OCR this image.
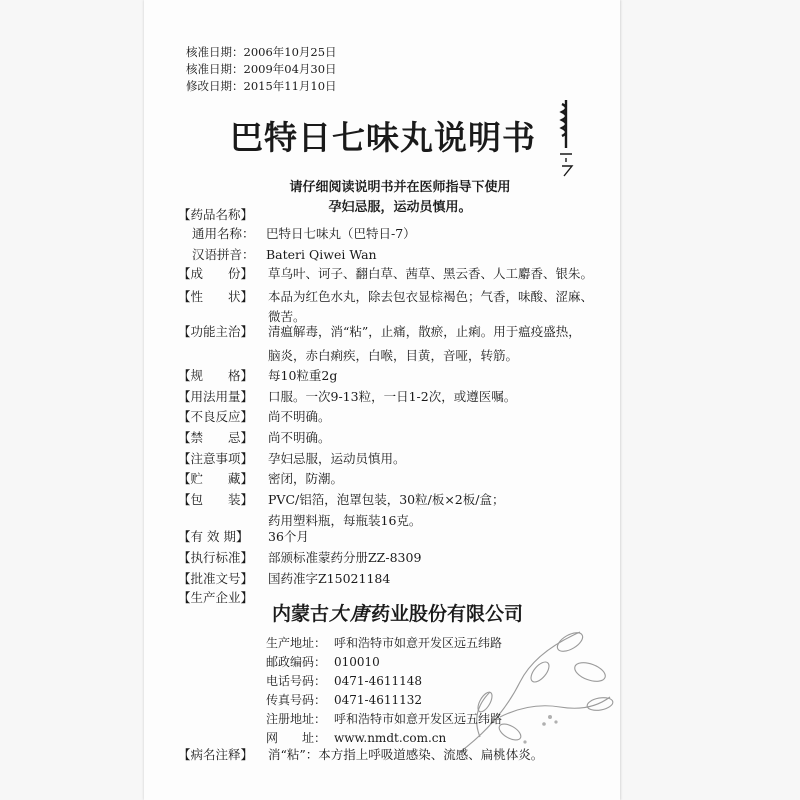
核准日期：2006年10月25日
核准日期：2009年04月30日
修改日期：2015年11月10日
巴特日七味丸说明书
请仔细阅读说明书并在医师指导下使用
孕妇忌服，运动员慎用。
【药品名称】
通用名称： 巴特日七味丸（巴特日-7）
汉语拼音： Bateri Qiwei Wan
【成　　份】 草乌叶、诃子、翻白草、茜草、黑云香、人工麝香、银朱。
【性　　状】 本品为红色水丸，除去包衣显棕褐色；气香，味酸、涩麻、
微苦。
【功能主治】 清瘟解毒，消“粘”，止痛，散瘀，止痢。用于瘟疫盛热，
脑炎，赤白痢疾，白喉，目黄，音哑，转筋。
【规　　格】 每10粒重2g
【用法用量】 口服。一次9-13粒，一日1-2次，或遵医嘱。
【不良反应】 尚不明确。
【禁　　忌】 尚不明确。
【注意事项】 孕妇忌服，运动员慎用。
【贮　　藏】 密闭，防潮。
【包　　装】 PVC/铝箔，泡罩包装，30粒/板×2板/盒；
药用塑料瓶，每瓶装16克。
【有 效 期】 36个月
【执行标准】 部颁标准蒙药分册ZZ-8309
【批准文号】 国药准字Z15021184
【生产企业】
内蒙古大唐药业股份有限公司
生产地址： 呼和浩特市如意开发区远五纬路
邮政编码： 010010
电话号码： 0471-4611148
传真号码： 0471-4611132
注册地址： 呼和浩特市如意开发区远五纬路
网　　址： www.nmdt.com.cn
【病名注释】 消“粘”：本方指上呼吸道感染、流感、扁桃体炎。
